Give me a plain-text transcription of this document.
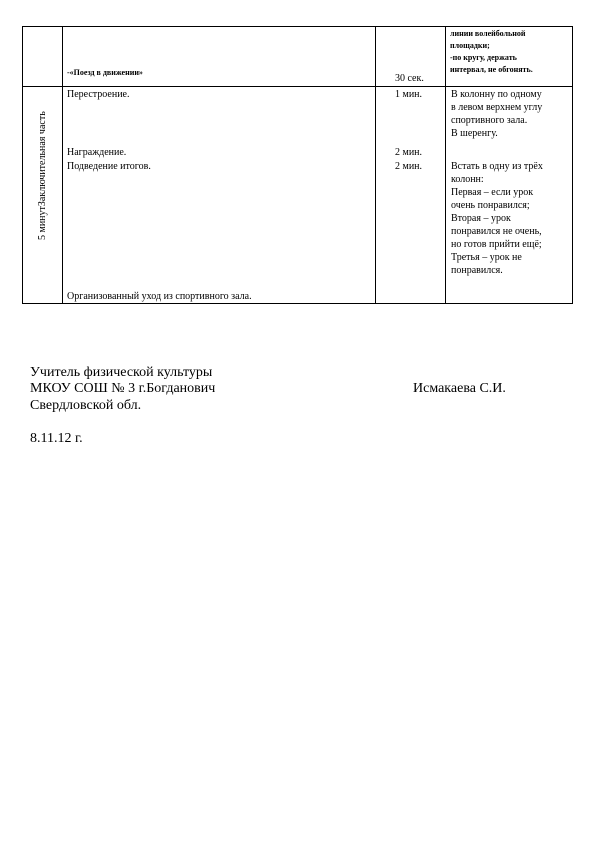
-«Поезд в движении»
30 сек.
линии волейбольной
площадки;
-по кругу, держать
интервал, не обгонять.
5 минутЗаключительная часть
Перестроение.
Награждение.
Подведение итогов.
Организованный уход из спортивного зала.
1 мин.
2 мин.
2 мин.
В колонну по одному
в левом верхнем углу
спортивного зала.
В шеренгу.
Встать в одну из трёх
колонн:
Первая – если урок
очень понравился;
Вторая – урок
понравился не очень,
но готов прийти ещё;
Третья – урок не
понравился.
Учитель физической культуры
МКОУ СОШ № 3 г.Богданович	Исмакаева С.И.
Свердловской обл.
8.11.12 г.
